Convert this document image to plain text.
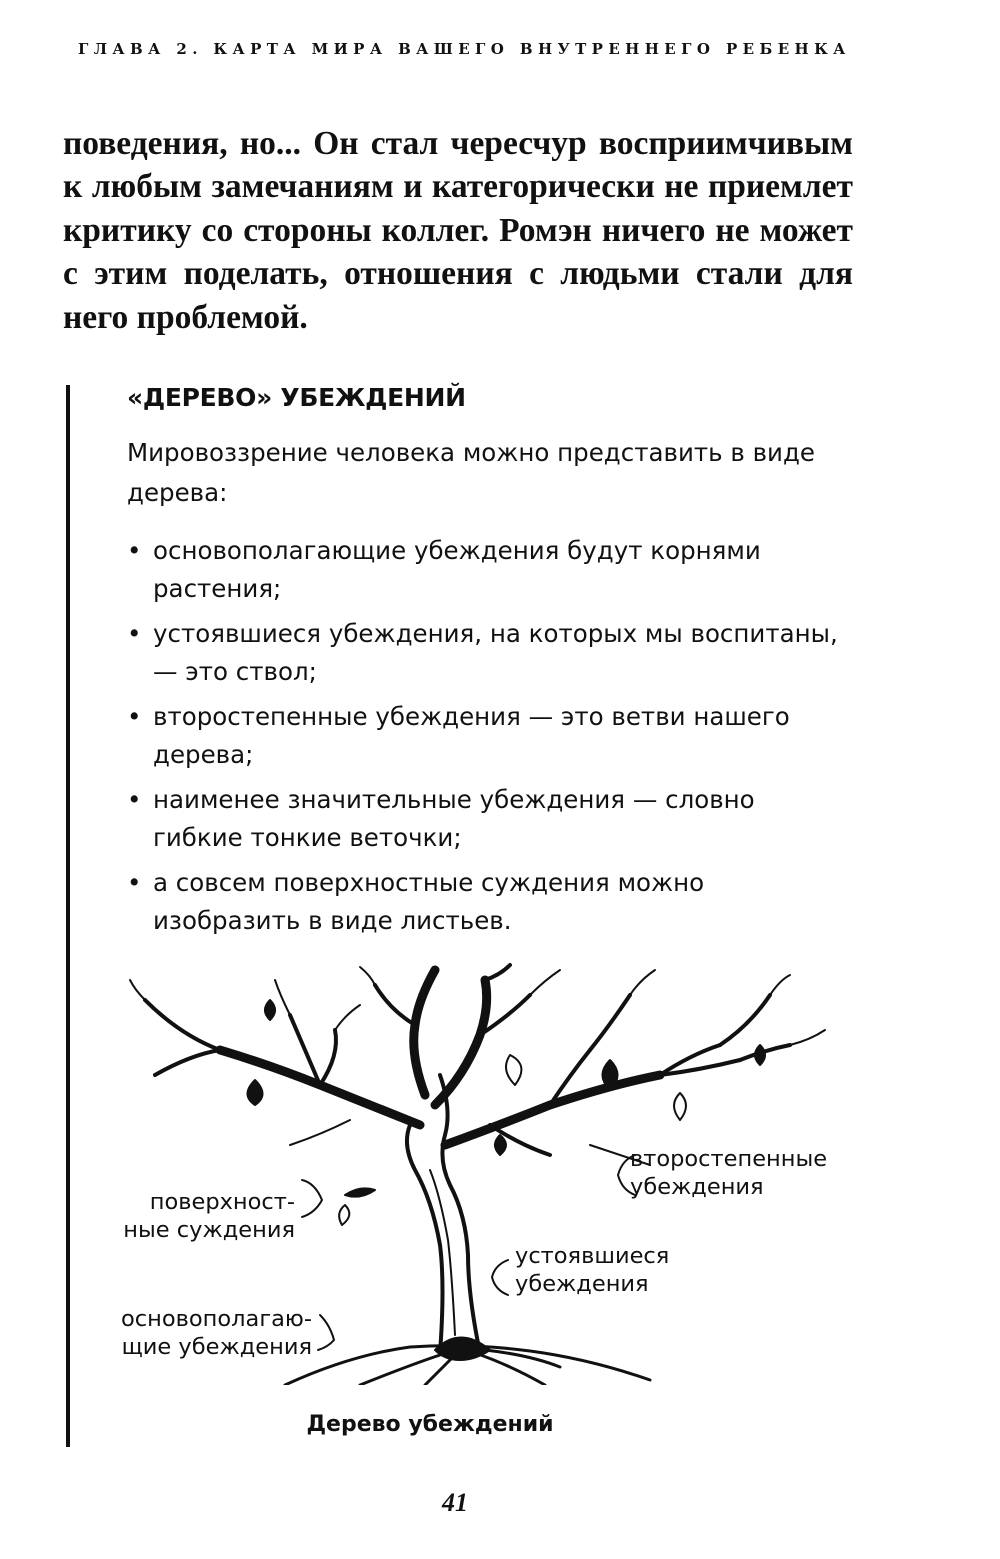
ГЛАВА 2. КАРТА МИРА ВАШЕГО ВНУТРЕННЕГО РЕБЕНКА

поведения, но... Он стал чересчур восприимчивым к любым замечаниям и категорически не приемлет критику со стороны коллег. Ромэн ничего не может с этим поделать, отношения с людьми стали для него проблемой.

«ДЕРЕВО» УБЕЖДЕНИЙ

Мировоззрение человека можно представить в виде дерева:

• основополагающие убеждения будут корнями растения;
• устоявшиеся убеждения, на которых мы воспитаны, — это ствол;
• второстепенные убеждения — это ветви нашего дерева;
• наименее значительные убеждения — словно гибкие тонкие веточки;
• а совсем поверхностные суждения можно изобразить в виде листьев.
поверхност-
ные суждения
второстепенные
убеждения
устоявшиеся
убеждения
основополагаю-
щие убеждения
Дерево убеждений
41
